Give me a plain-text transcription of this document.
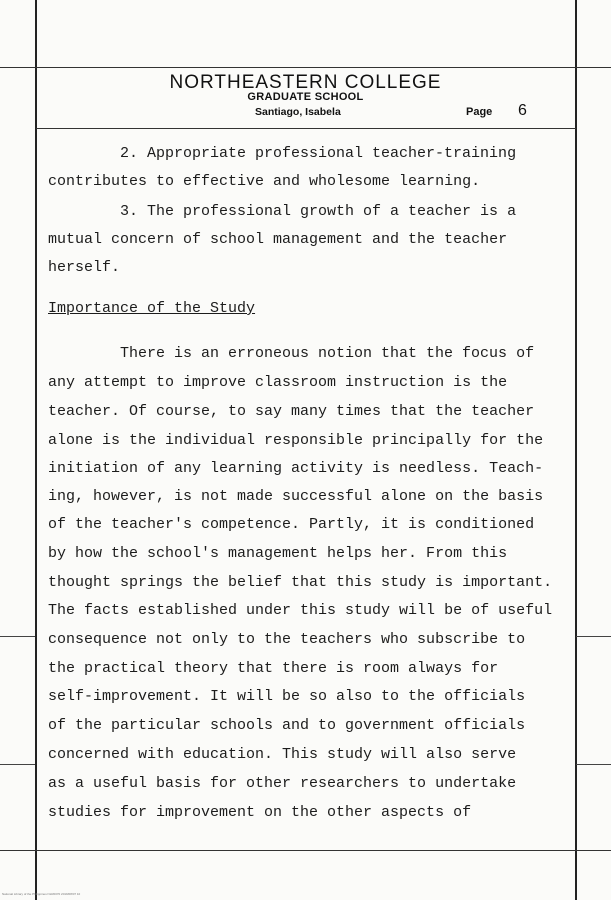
NORTHEASTERN COLLEGE
GRADUATE SCHOOL
Santiago, Isabela	Page 6
2. Appropriate professional teacher-training
contributes to effective and wholesome learning.
3. The professional growth of a teacher is a
mutual concern of school management and the teacher
herself.
Importance of the Study
There is an erroneous notion that the focus of
any attempt to improve classroom instruction is the
teacher. Of course, to say many times that the teacher
alone is the individual responsible principally for the
initiation of any learning activity is needless. Teach-
ing, however, is not made successful alone on the basis
of the teacher's competence. Partly, it is conditioned
by how the school's management helps her. From this
thought springs the belief that this study is important.
The facts established under this study will be of useful
consequence not only to the teachers who subscribe to
the practical theory that there is room always for
self-improvement. It will be so also to the officials
of the particular schools and to government officials
concerned with education. This study will also serve
as a useful basis for other researchers to undertake
studies for improvement on the other aspects of
National Library of the Philippines NLR0070 2019/08/07 10
